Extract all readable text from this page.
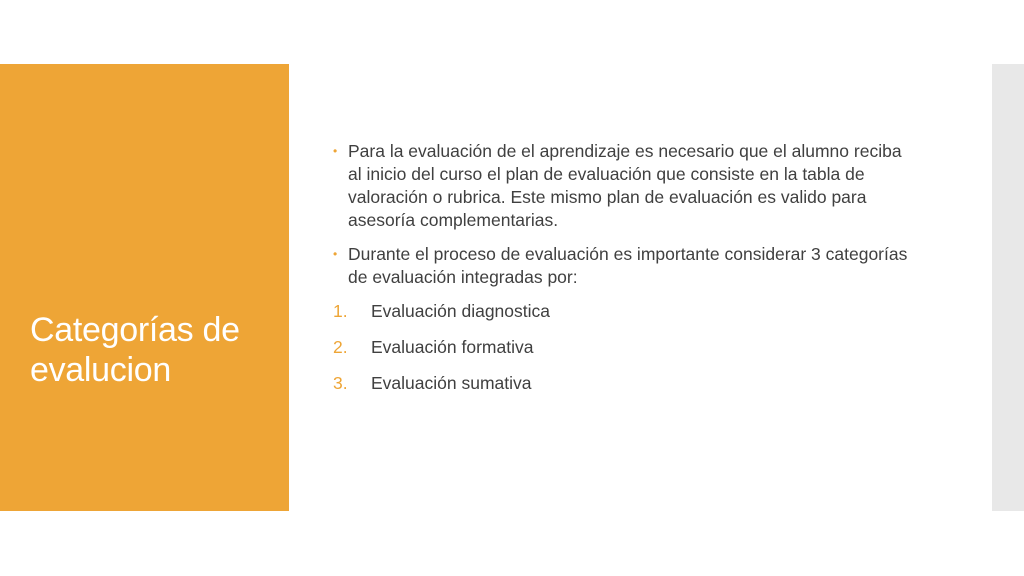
Categorías de evalucion
• Para la evaluación de el aprendizaje es necesario que el alumno reciba al inicio del curso el plan de evaluación que consiste en la tabla de valoración o rubrica. Este mismo plan de evaluación es valido para asesoría complementarias.
• Durante el proceso de evaluación es importante considerar 3 categorías de evaluación integradas por:
1. Evaluación diagnostica
2. Evaluación formativa
3. Evaluación sumativa
